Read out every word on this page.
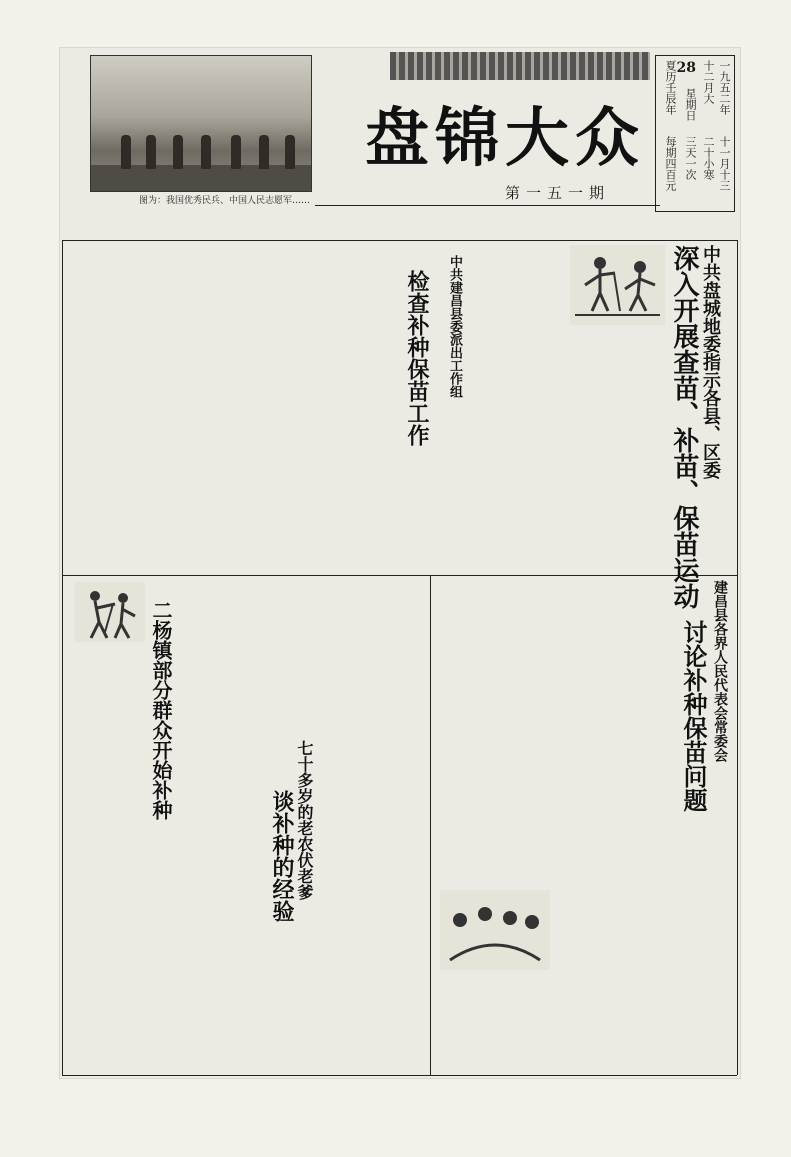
图为：我国优秀民兵、中国人民志愿军……
盘锦大众
第一五一期
一九五二年
十二月大
28
星期日
夏历壬辰年
十一月十三
二十小寒
三天一次
每期四百元
中共盘城地委指示各县、区委
深入开展查苗、补苗、保苗运动
中共建昌县委派出工作组
检查补种保苗工作
二杨镇部分群众开始补种	七十多岁的老农伏老爹
谈补种的经验
建昌县各界人民代表会常委会
讨论补种保苗问题
